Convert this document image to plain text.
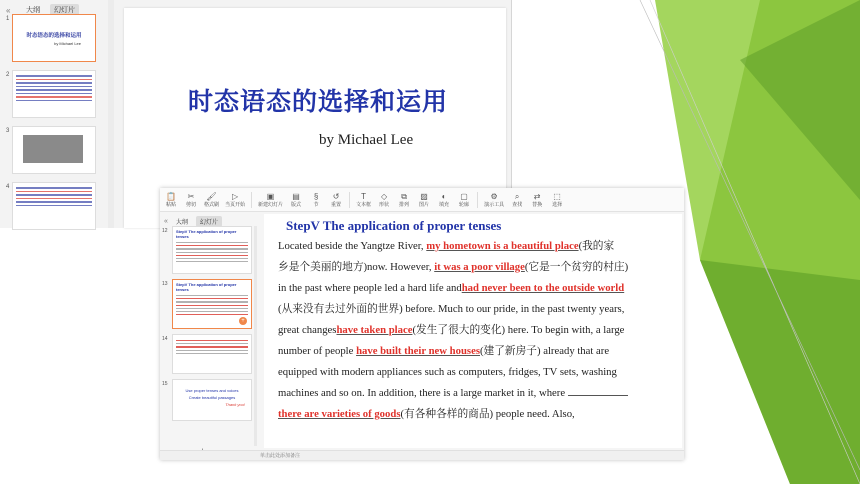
«	大纲	幻灯片
1
时态语态的选择和运用
by Michael Lee
2
3
4
时态语态的选择和运用
by Michael Lee
📋
粘贴
✂
剪切
🖌
格式刷
▷
当页开始
▣
新建幻灯片
▤
版式
§
节
↺
重置
T
文本框
◇
形状
⧉
排列
▨
图片
◐
填充
▢
轮廓
⚙
演示工具
⌕
查找
⇄
替换
⬚
选择
«	大纲	幻灯片
12	StepV The application of proper tenses
13	StepV The application of proper tenses
+
14
15
Use proper tenses and voices
Create beautiful passages
Thank you!
StepV The application of proper tenses
Located beside the Yangtze River, my hometown is a beautiful place(我的家
乡是个美丽的地方)now. However, it was a poor village(它是一个贫穷的村庄)
in the past where people led a hard life andhad never been to the outside world
(从来没有去过外面的世界) before. Much to our pride, in the past twenty years,
great changeshave taken place(发生了很大的变化) here. To begin with, a large
number of people have built their new houses(建了新房子) already that are
equipped with modern appliances such as computers, fridges, TV sets, washing
machines and so on. In addition, there is a large market in it, where
there are varieties of goods(有各种各样的商品) people need. Also,
单击此处添加备注
